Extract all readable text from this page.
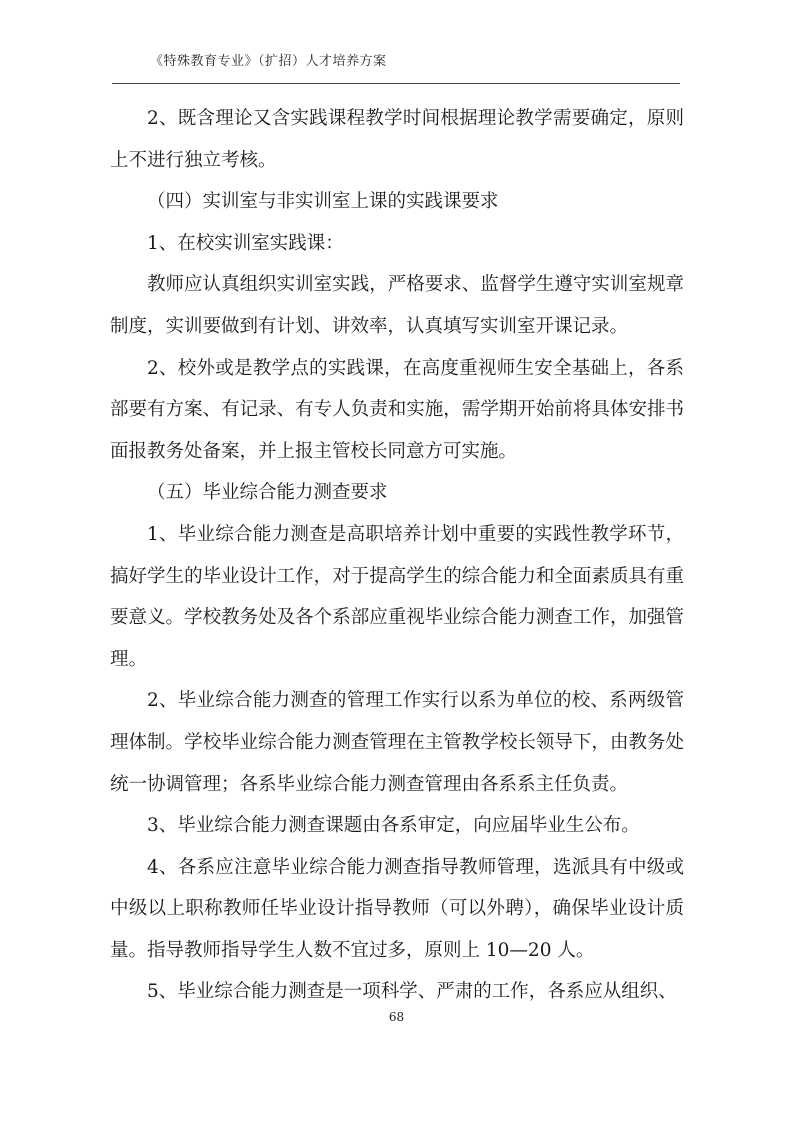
《特殊教育专业》（扩招）人才培养方案

2、既含理论又含实践课程教学时间根据理论教学需要确定，原则上不进行独立考核。

（四）实训室与非实训室上课的实践课要求

1、在校实训室实践课：

教师应认真组织实训室实践，严格要求、监督学生遵守实训室规章制度，实训要做到有计划、讲效率，认真填写实训室开课记录。

2、校外或是教学点的实践课，在高度重视师生安全基础上，各系部要有方案、有记录、有专人负责和实施，需学期开始前将具体安排书面报教务处备案，并上报主管校长同意方可实施。

（五）毕业综合能力测查要求

1、毕业综合能力测查是高职培养计划中重要的实践性教学环节，搞好学生的毕业设计工作，对于提高学生的综合能力和全面素质具有重要意义。学校教务处及各个系部应重视毕业综合能力测查工作，加强管理。

2、毕业综合能力测查的管理工作实行以系为单位的校、系两级管理体制。学校毕业综合能力测查管理在主管教学校长领导下，由教务处统一协调管理；各系毕业综合能力测查管理由各系系主任负责。

3、毕业综合能力测查课题由各系审定，向应届毕业生公布。

4、各系应注意毕业综合能力测查指导教师管理，选派具有中级或中级以上职称教师任毕业设计指导教师（可以外聘），确保毕业设计质量。指导教师指导学生人数不宜过多，原则上 10—20 人。

5、毕业综合能力测查是一项科学、严肃的工作，各系应从组织、

68
